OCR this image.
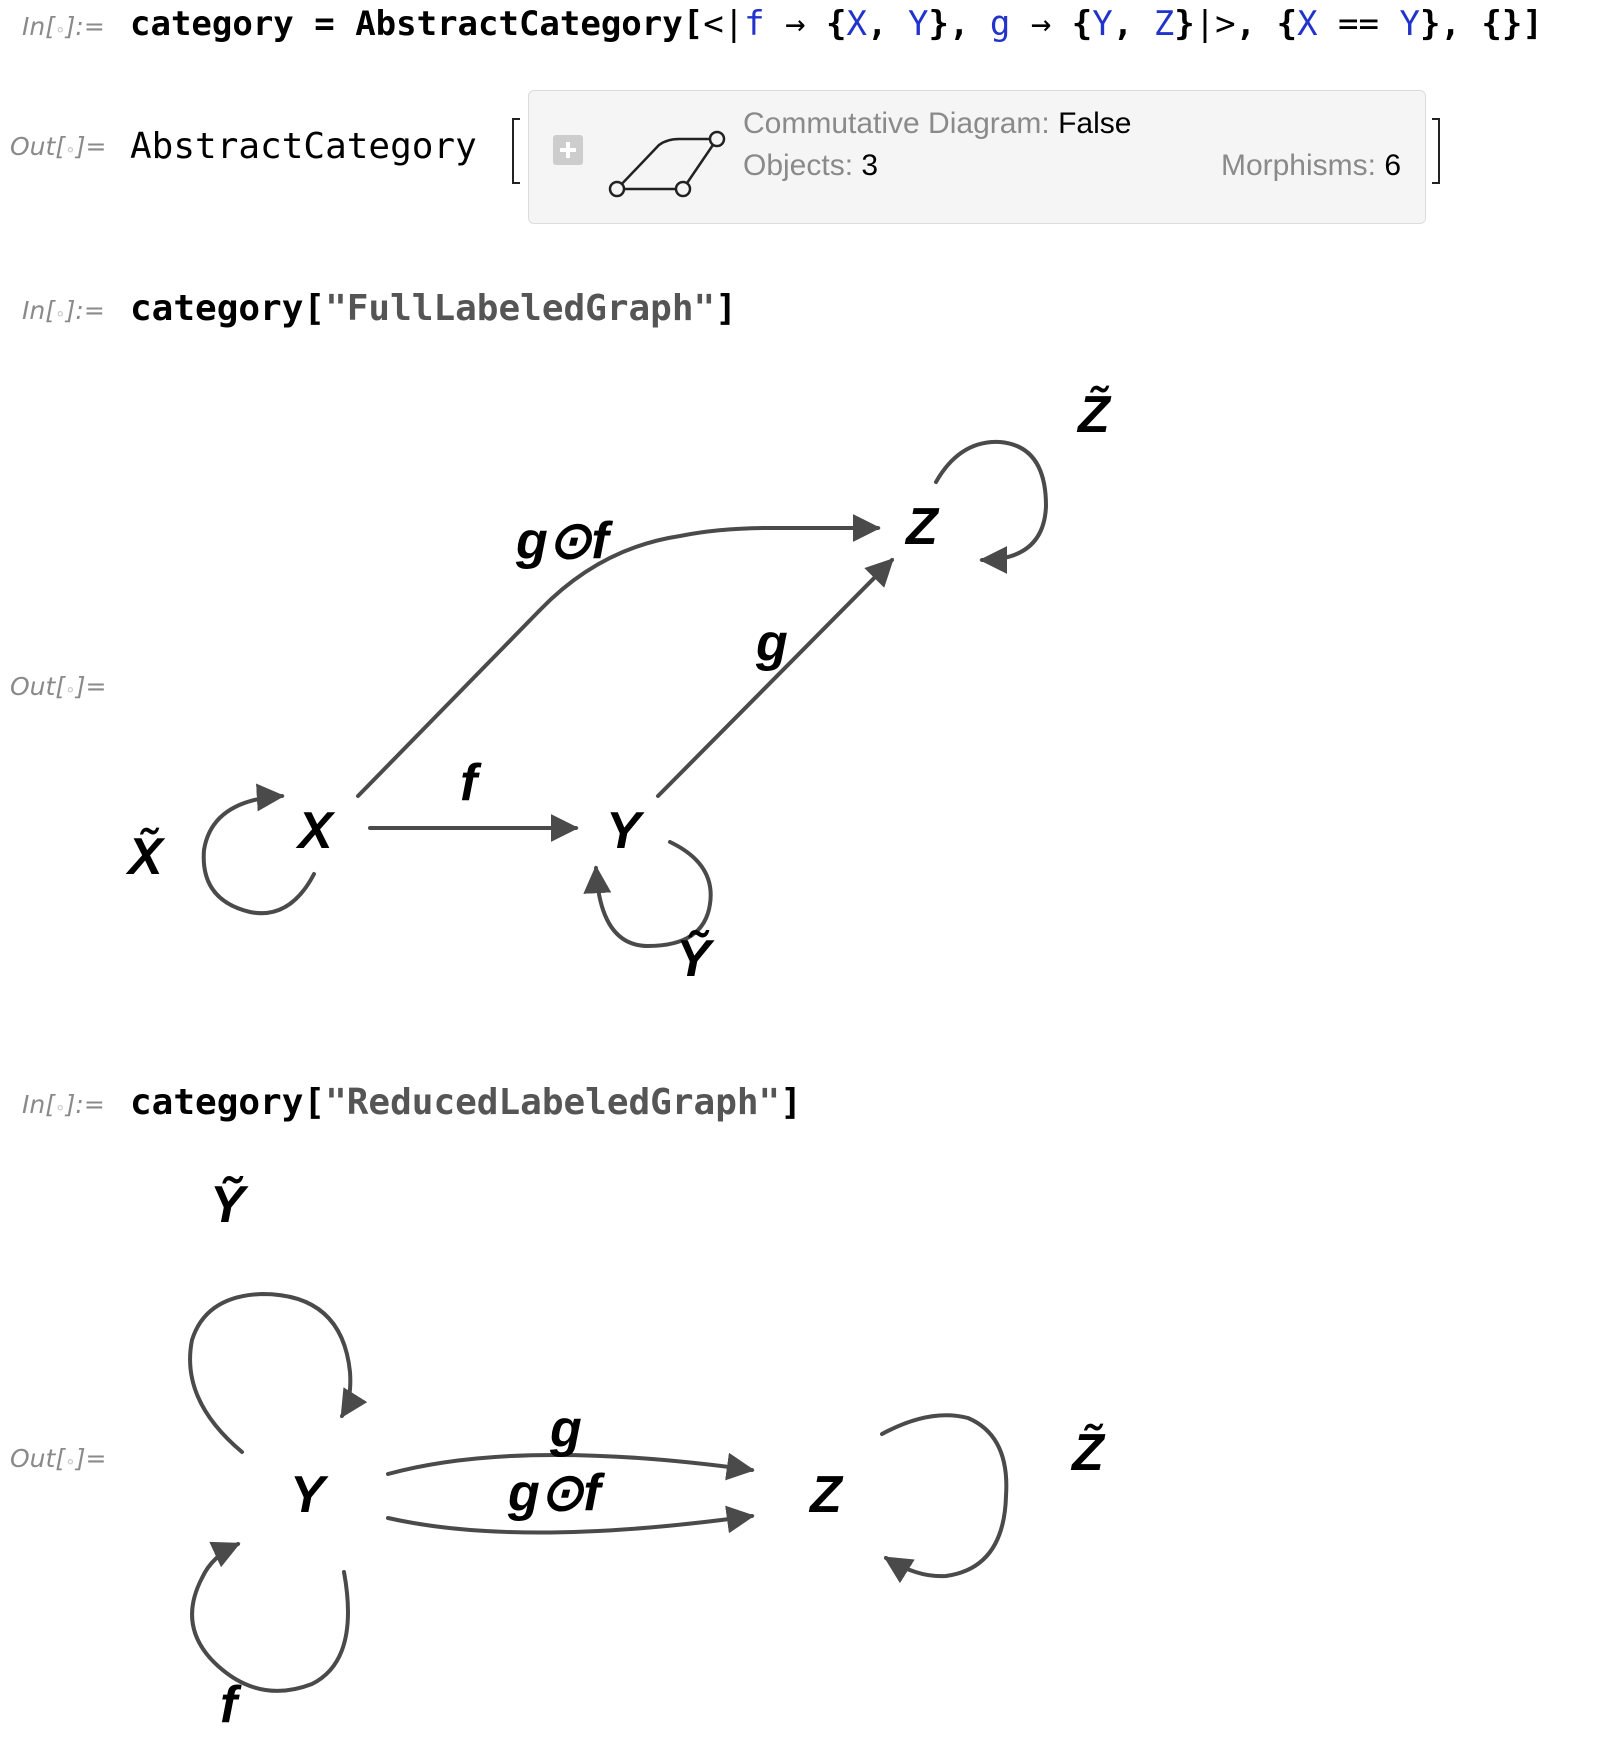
In[∘]:= category = AbstractCategory[<|f → {X, Y}, g → {Y, Z}|>, {X == Y}, {}]
Out[∘]= AbstractCategory
Commutative Diagram: False
Objects: 3	Morphisms: 6
In[∘]:= category["FullLabeledGraph"]
Out[∘]=
X	Y
Z
f
g
g⊙f
X̃
Ỹ
Z̃
In[∘]:= category["ReducedLabeledGraph"]
Out[∘]=
Y	Z
g
g⊙f
Ỹ
f
Z̃
